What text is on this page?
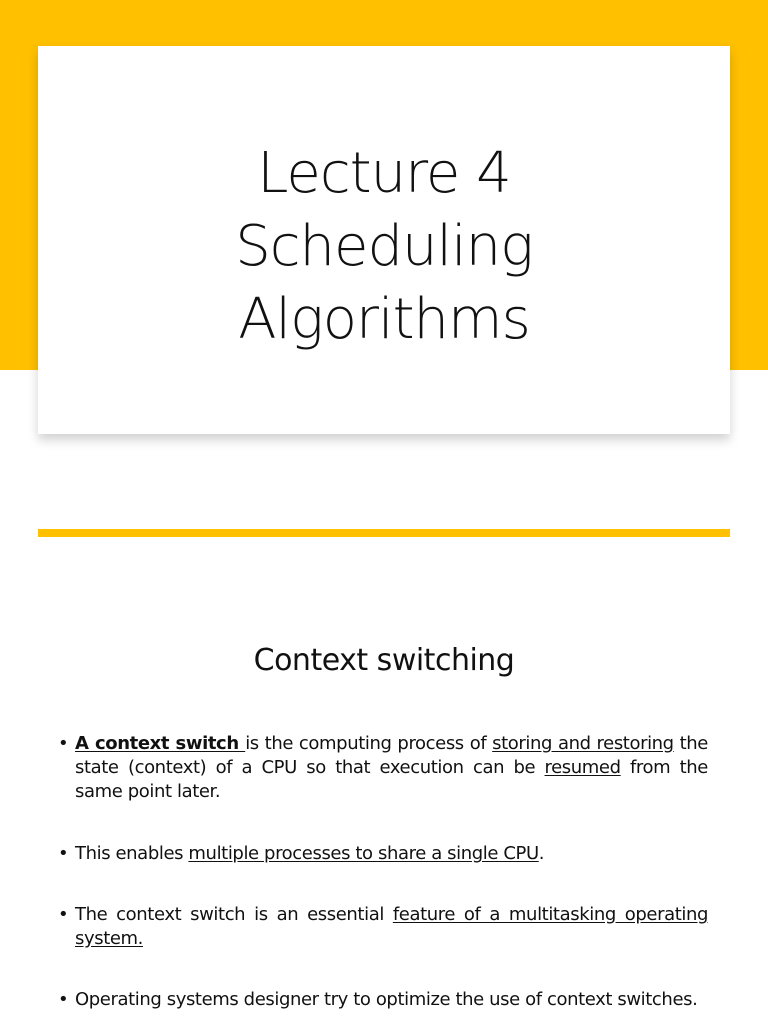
Lecture 4
Scheduling
Algorithms
Context switching
• A context switch is the computing process of storing and restoring the state (context) of a CPU so that execution can be resumed from the same point later.
• This enables multiple processes to share a single CPU.
• The context switch is an essential feature of a multitasking operating system.
• Operating systems designer try to optimize the use of context switches.
